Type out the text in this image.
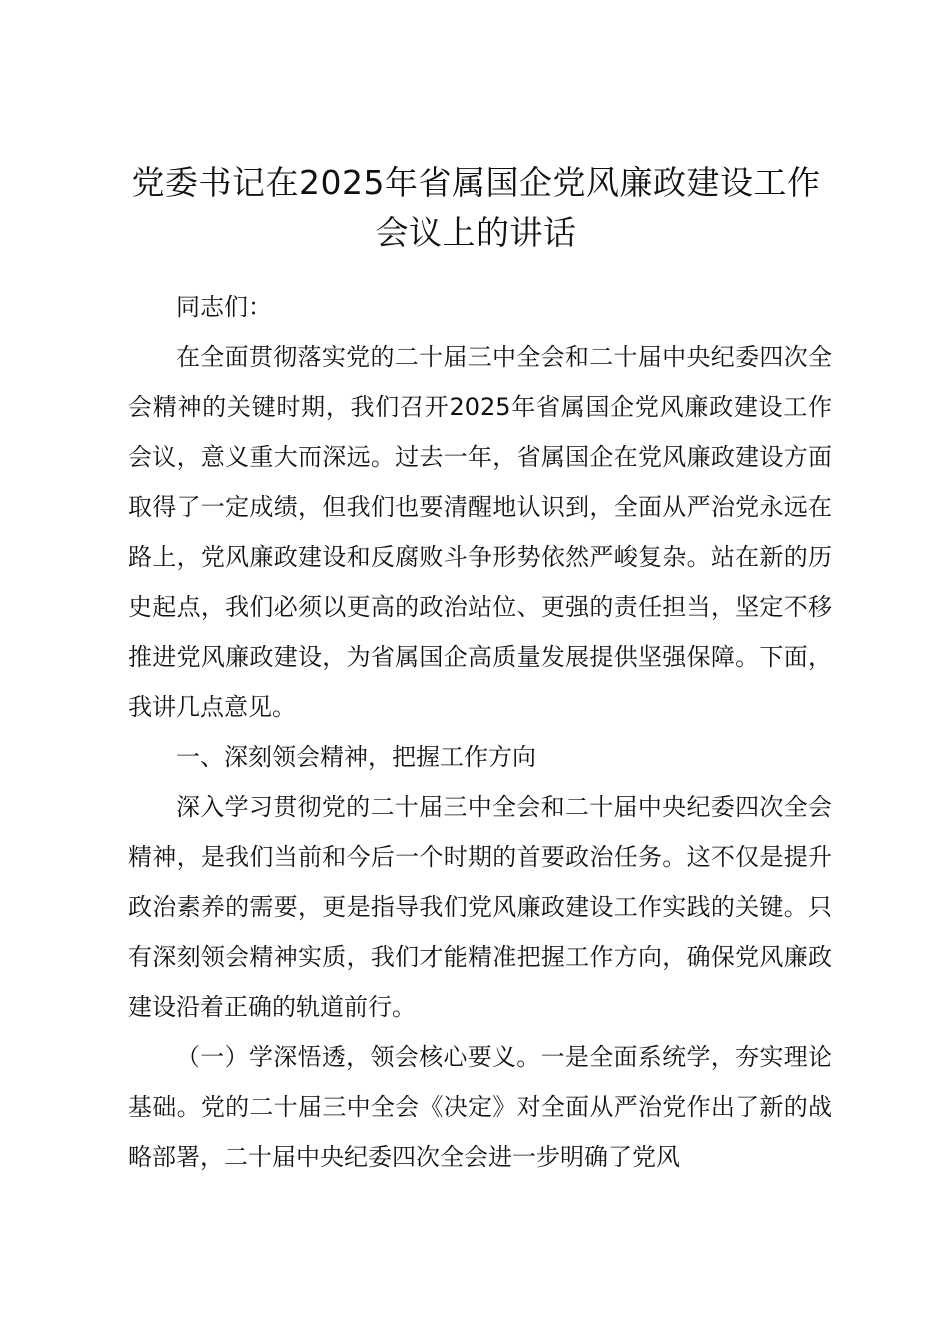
党委书记在2025年省属国企党风廉政建设工作会议上的讲话

同志们：

在全面贯彻落实党的二十届三中全会和二十届中央纪委四次全会精神的关键时期，我们召开2025年省属国企党风廉政建设工作会议，意义重大而深远。过去一年，省属国企在党风廉政建设方面取得了一定成绩，但我们也要清醒地认识到，全面从严治党永远在路上，党风廉政建设和反腐败斗争形势依然严峻复杂。站在新的历史起点，我们必须以更高的政治站位、更强的责任担当，坚定不移推进党风廉政建设，为省属国企高质量发展提供坚强保障。下面，我讲几点意见。

一、深刻领会精神，把握工作方向

深入学习贯彻党的二十届三中全会和二十届中央纪委四次全会精神，是我们当前和今后一个时期的首要政治任务。这不仅是提升政治素养的需要，更是指导我们党风廉政建设工作实践的关键。只有深刻领会精神实质，我们才能精准把握工作方向，确保党风廉政建设沿着正确的轨道前行。

（一）学深悟透，领会核心要义。一是全面系统学，夯实理论基础。党的二十届三中全会《决定》对全面从严治党作出了新的战略部署，二十届中央纪委四次全会进一步明确了党风
